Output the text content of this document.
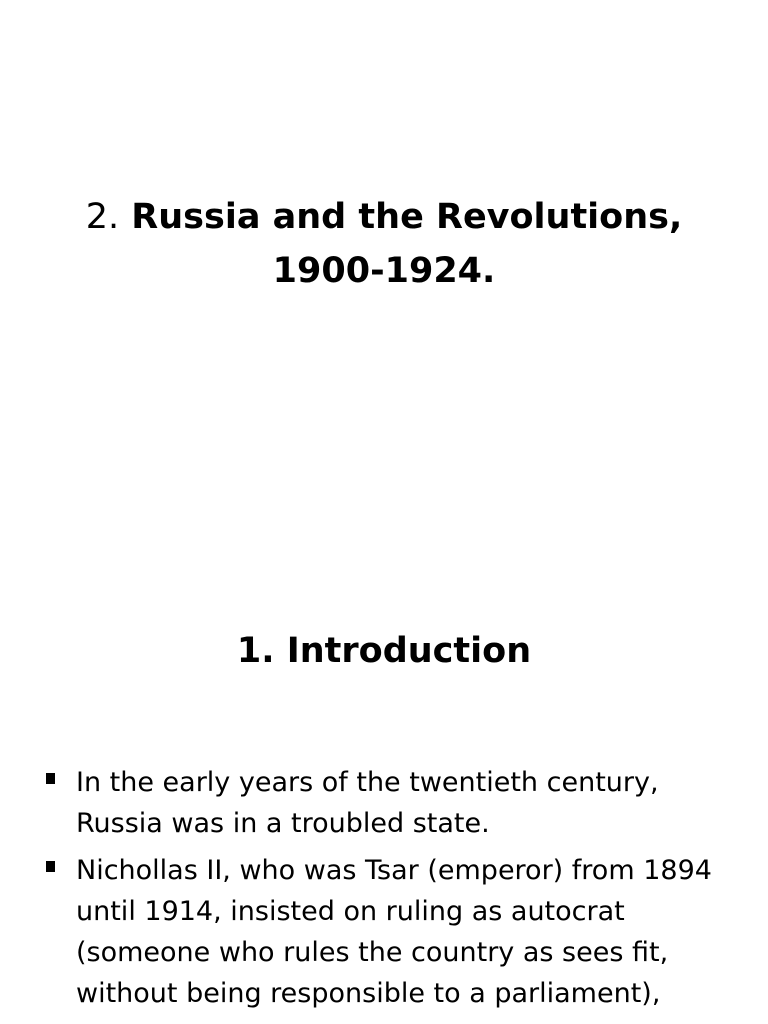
2. Russia and the Revolutions,
1900-1924.
1. Introduction
In the early years of the twentieth century, Russia was in a troubled state.
Nichollas II, who was Tsar (emperor) from 1894 until 1914, insisted on ruling as autocrat (someone who rules the country as sees fit, without being responsible to a parliament),
